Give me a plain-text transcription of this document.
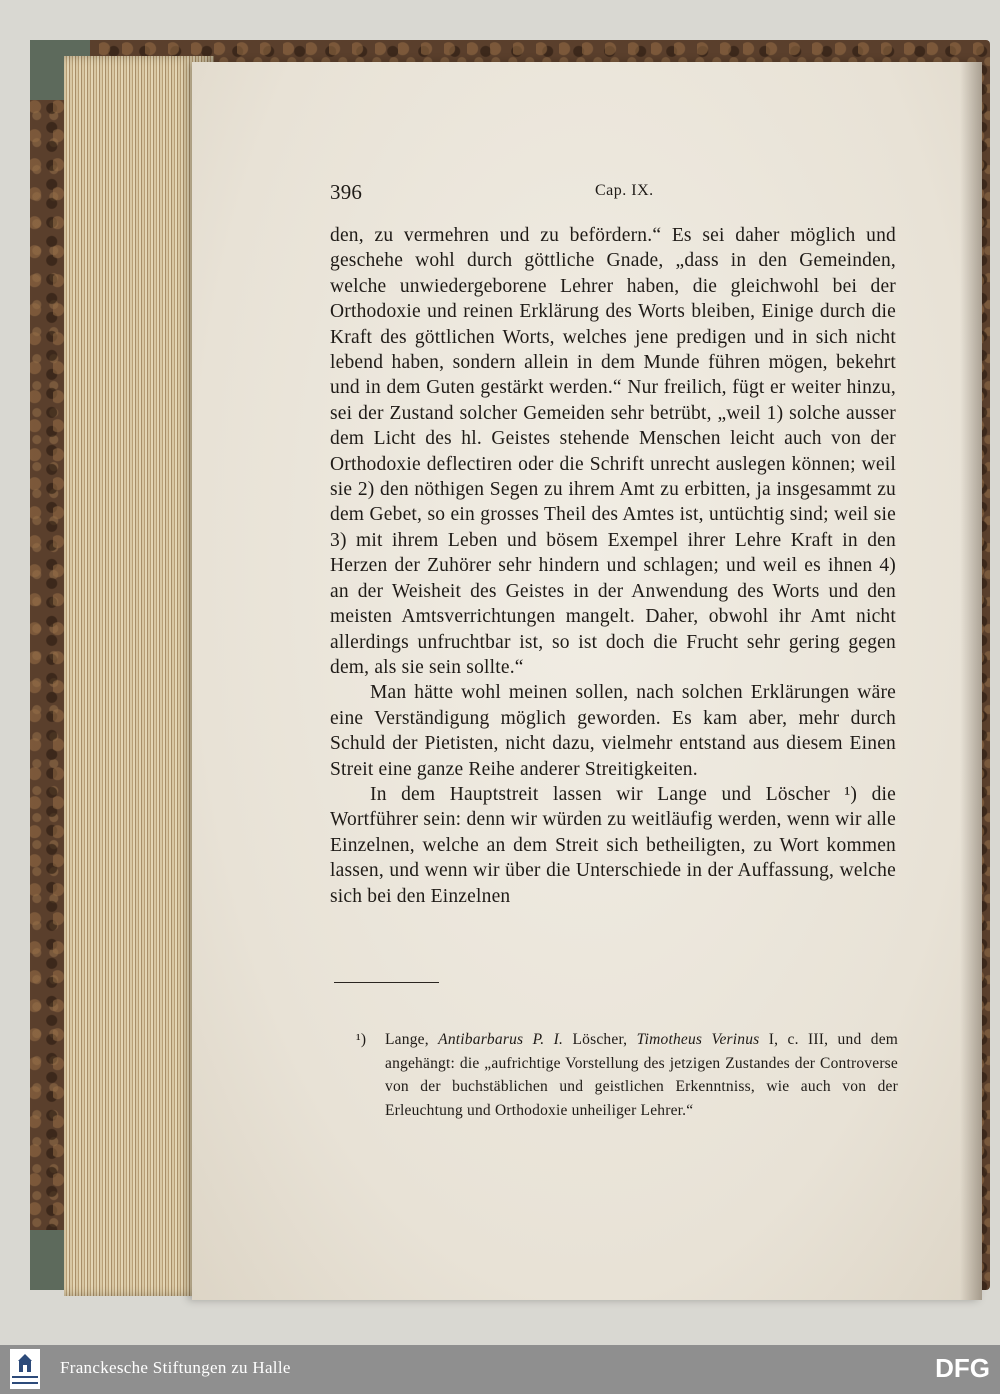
396	Cap. IX.

den, zu vermehren und zu befördern.“ Es sei daher möglich und geschehe wohl durch göttliche Gnade, „dass in den Gemeinden, welche unwiedergeborene Lehrer haben, die gleichwohl bei der Orthodoxie und reinen Erklärung des Worts bleiben, Einige durch die Kraft des göttlichen Worts, welches jene predigen und in sich nicht lebend haben, sondern allein in dem Munde führen mögen, bekehrt und in dem Guten gestärkt werden.“ Nur freilich, fügt er weiter hinzu, sei der Zustand solcher Gemeiden sehr betrübt, „weil 1) solche ausser dem Licht des hl. Geistes stehende Menschen leicht auch von der Orthodoxie deflectiren oder die Schrift unrecht auslegen können; weil sie 2) den nöthigen Segen zu ihrem Amt zu erbitten, ja insgesammt zu dem Gebet, so ein grosses Theil des Amtes ist, untüchtig sind; weil sie 3) mit ihrem Leben und bösem Exempel ihrer Lehre Kraft in den Herzen der Zuhörer sehr hindern und schlagen; und weil es ihnen 4) an der Weisheit des Geistes in der Anwendung des Worts und den meisten Amtsverrichtungen mangelt. Daher, obwohl ihr Amt nicht allerdings unfruchtbar ist, so ist doch die Frucht sehr gering gegen dem, als sie sein sollte.“

Man hätte wohl meinen sollen, nach solchen Erklärungen wäre eine Verständigung möglich geworden. Es kam aber, mehr durch Schuld der Pietisten, nicht dazu, vielmehr entstand aus diesem Einen Streit eine ganze Reihe anderer Streitigkeiten.

In dem Hauptstreit lassen wir Lange und Löscher ¹) die Wortführer sein: denn wir würden zu weitläufig werden, wenn wir alle Einzelnen, welche an dem Streit sich betheiligten, zu Wort kommen lassen, und wenn wir über die Unterschiede in der Auffassung, welche sich bei den Einzelnen

¹) Lange, Antibarbarus P. I. Löscher, Timotheus Verinus I, c. III, und dem angehängt: die „aufrichtige Vorstellung des jetzigen Zustandes der Controverse von der buchstäblichen und geistlichen Erkenntniss, wie auch von der Erleuchtung und Orthodoxie unheiliger Lehrer.“
Franckesche Stiftungen zu Halle	DFG
